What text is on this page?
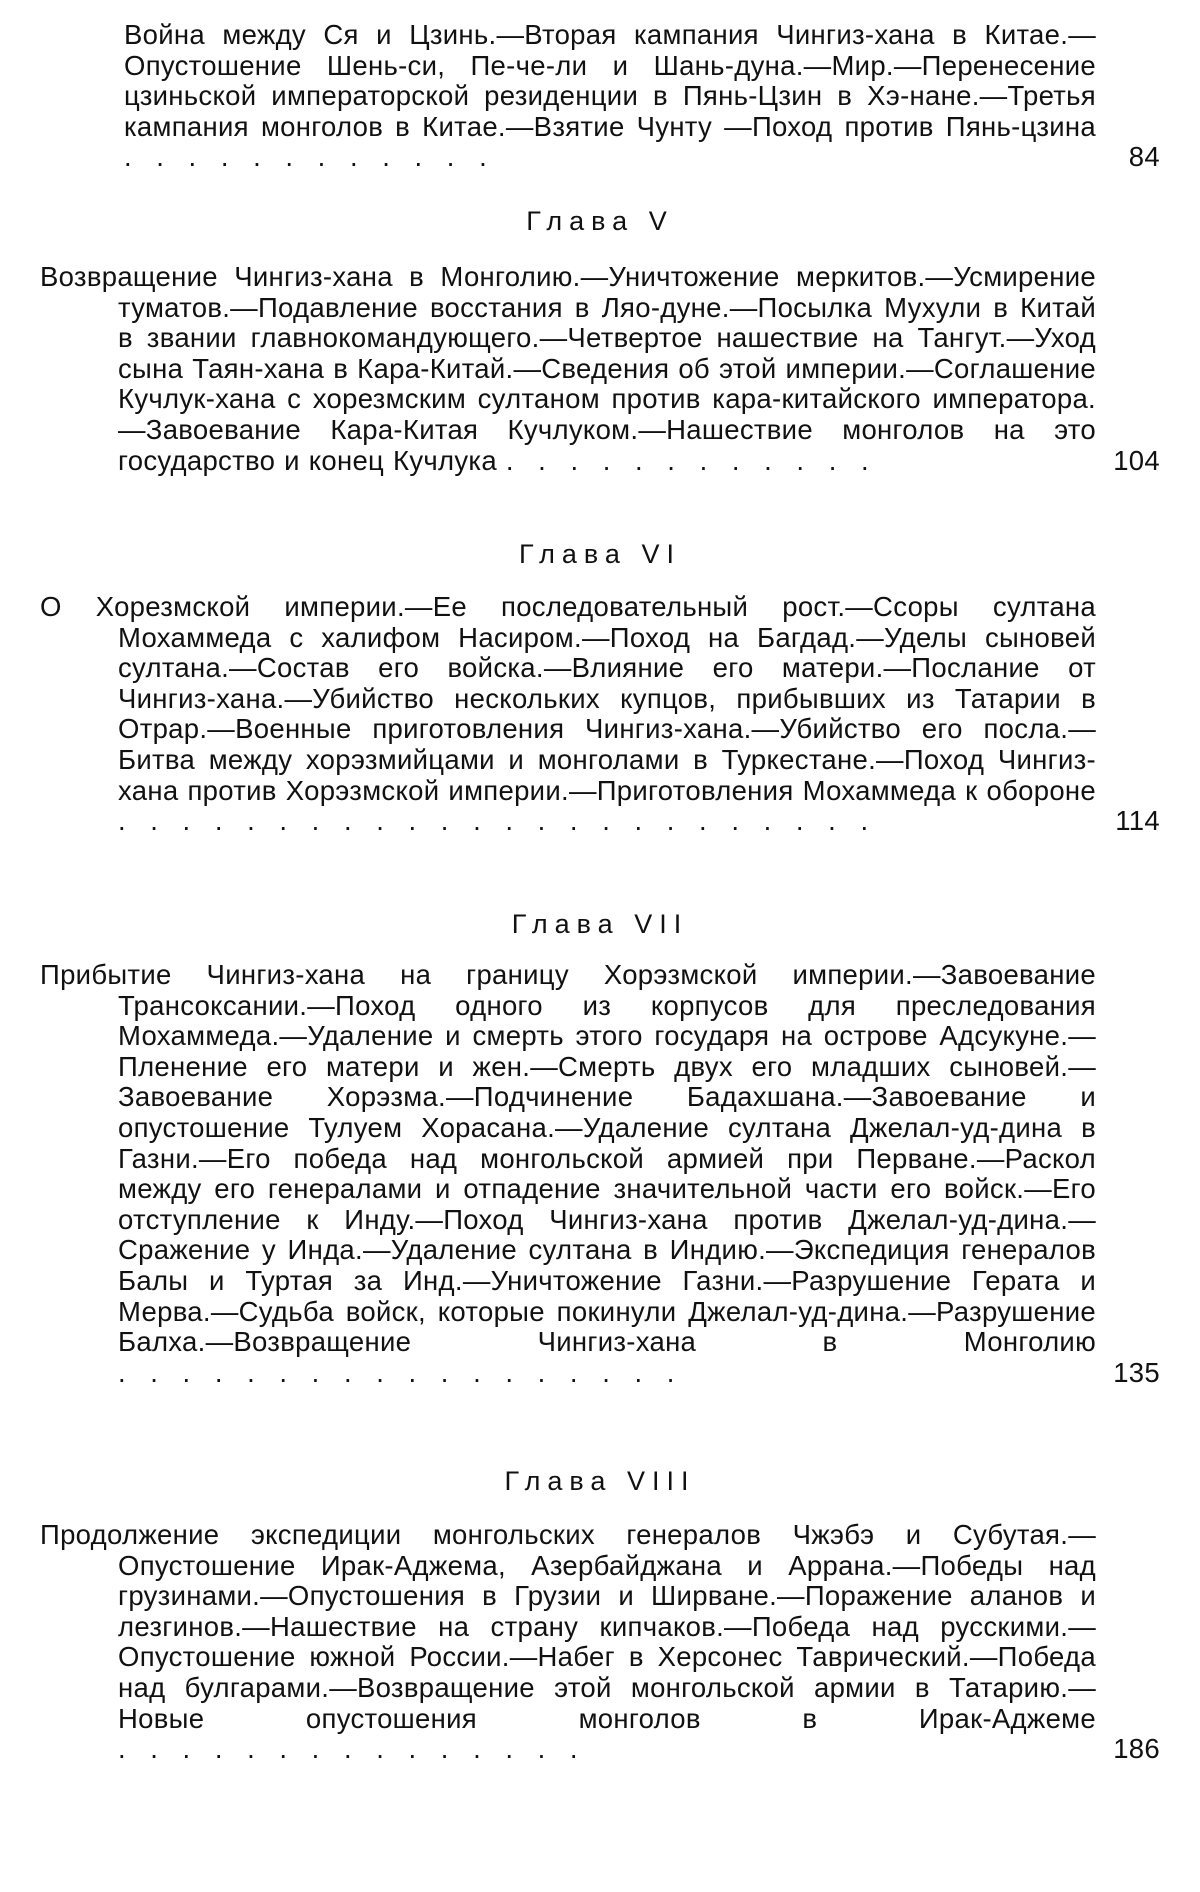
Война между Ся и Цзинь.—Вторая кампания Чингиз-хана в Китае.—Опустошение Шень-си, Пе-че-ли и Шань-дуна.—Мир.—Перенесение цзиньской императорской резиденции в Пянь-Цзин в Хэ-нане.—Третья кампания монголов в Китае.—Взятие Чунту —Поход против Пянь-цзина . . . . . . . . . . . .	84
Глава V
Возвращение Чингиз-хана в Монголию.—Уничтожение меркитов.—Усмирение туматов.—Подавление восстания в Ляо-дуне.—Посылка Мухули в Китай в звании главнокомандующего.—Четвертое нашествие на Тангут.—Уход сына Таян-хана в Кара-Китай.—Сведения об этой империи.—Соглашение Кучлук-хана с хорезмским султаном против кара-китайского императора.—Завоевание Кара-Китая Кучлуком.—Нашествие монголов на это государство и конец Кучлука . . . . . . . . . . . .	104
Глава VI
О Хорезмской империи.—Ее последовательный рост.—Ссоры султана Мохаммеда с халифом Насиром.—Поход на Багдад.—Уделы сыновей султана.—Состав его войска.—Влияние его матери.—Послание от Чингиз-хана.—Убийство нескольких купцов, прибывших из Татарии в Отрар.—Военные приготовления Чингиз-хана.—Убийство его посла.—Битва между хорэзмийцами и монголами в Туркестане.—Поход Чингиз-хана против Хорэзмской империи.—Приготовления Мохаммеда к обороне . . . . . . . . . . . . . . . . . . . . . . . .	114
Глава VII
Прибытие Чингиз-хана на границу Хорэзмской империи.—Завоевание Трансоксании.—Поход одного из корпусов для преследования Мохаммеда.—Удаление и смерть этого государя на острове Адсукуне.—Пленение его матери и жен.—Смерть двух его младших сыновей.—Завоевание Хорэзма.—Подчинение Бадахшана.—Завоевание и опустошение Тулуем Хорасана.—Удаление султана Джелал-уд-дина в Газни.—Его победа над монгольской армией при Перване.—Раскол между его генералами и отпадение значительной части его войск.—Его отступление к Инду.—Поход Чингиз-хана против Джелал-уд-дина.—Сражение у Инда.—Удаление султана в Индию.—Экспедиция генералов Балы и Туртая за Инд.—Уничтожение Газни.—Разрушение Герата и Мерва.—Судьба войск, которые покинули Джелал-уд-дина.—Разрушение Балха.—Возвращение Чингиз-хана в Монголию . . . . . . . . . . . . . . . . . .	135
Глава VIII
Продолжение экспедиции монгольских генералов Чжэбэ и Субутая.—Опустошение Ирак-Аджема, Азербайджана и Аррана.—Победы над грузинами.—Опустошения в Грузии и Ширване.—Поражение аланов и лезгинов.—Нашествие на страну кипчаков.—Победа над русскими.—Опустошение южной России.—Набег в Херсонес Таврический.—Победа над булгарами.—Возвращение этой монгольской армии в Татарию.—Новые опустошения монголов в Ирак-Аджеме . . . . . . . . . . . . . . .	186
